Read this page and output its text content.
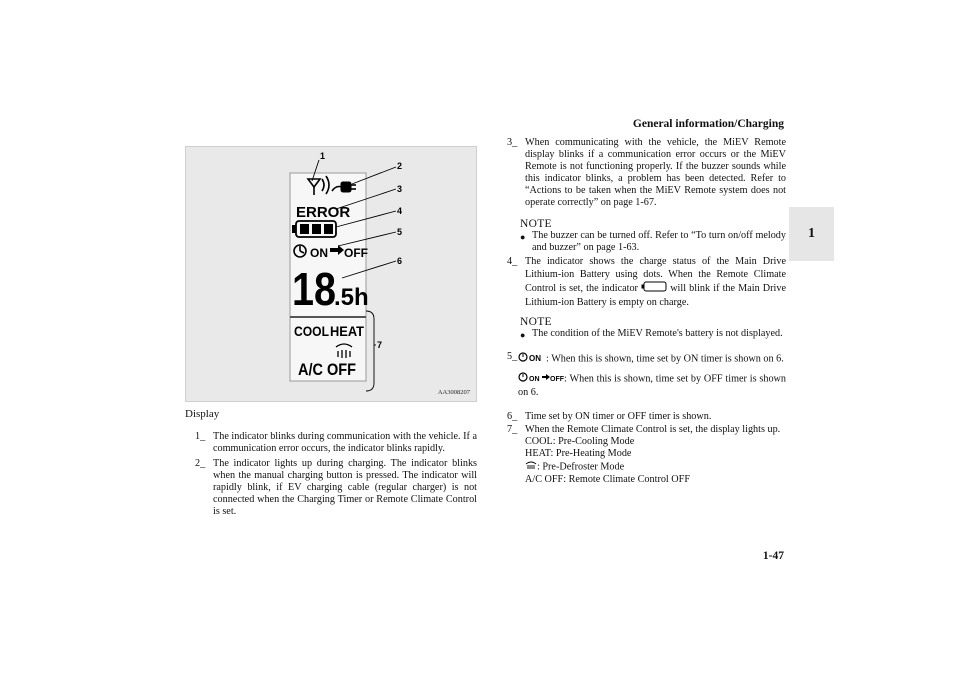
General information/Charging
1
ERROR
ON OFF
18
.5h
COOL HEAT
A/C OFF
1
2
3
4
5
6
7
AA3008207
Display
1_ The indicator blinks during communication with the vehicle. If a communication error occurs, the indicator blinks rapidly.
2_ The indicator lights up during charging. The indicator blinks when the manual charging button is pressed. The indicator will rapidly blink, if EV charging cable (regular charger) is not connected when the Charging Timer or Remote Climate Control is set.
3_ When communicating with the vehicle, the MiEV Remote display blinks if a communication error occurs or the MiEV Remote is not functioning properly. If the buzzer sounds while this indicator blinks, a problem has been detected. Refer to “Actions to be taken when the MiEV Remote system does not operate correctly” on page 1-67.
NOTE
● The buzzer can be turned off. Refer to “To turn on/off melody and buzzer” on page 1-63.
4_ The indicator shows the charge status of the Main Drive Lithium-ion Battery using dots. When the Remote Climate Control is set, the indicator	will blink if the Main Drive Lithium-ion Battery is empty on charge.
NOTE
● The condition of the MiEV Remote's battery is not displayed.
5_ ON : When this is shown, time set by ON timer is shown on 6.
ON OFF : When this is shown, time set by OFF timer is shown on 6.
6_ Time set by ON timer or OFF timer is shown.
7_ When the Remote Climate Control is set, the display lights up.
COOL: Pre-Cooling Mode
HEAT: Pre-Heating Mode
: Pre-Defroster Mode
A/C OFF: Remote Climate Control OFF
1-47
